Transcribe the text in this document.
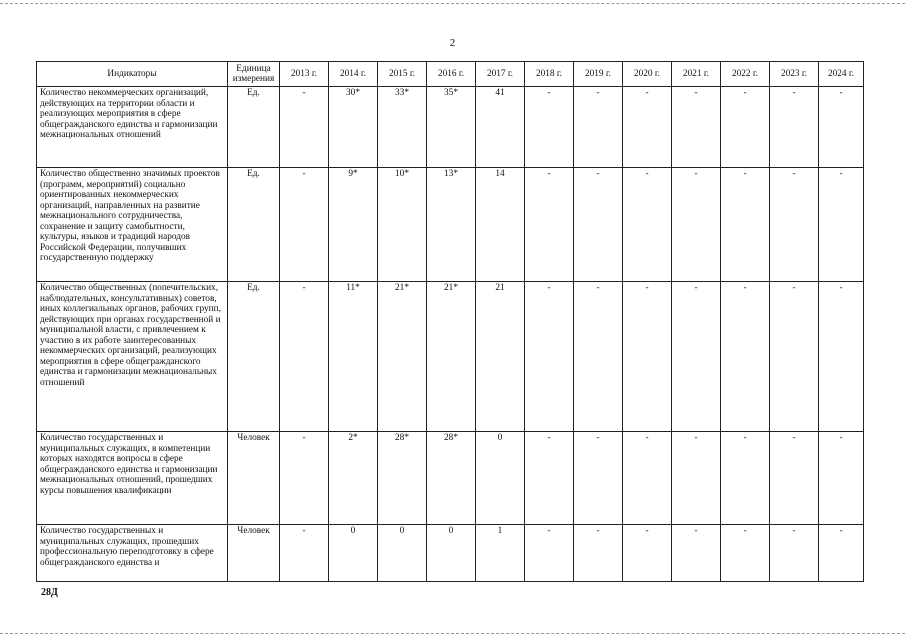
2
Индикаторы	Единица измерения	2013 г.	2014 г.	2015 г.	2016 г.	2017 г.	2018 г.	2019 г.	2020 г.	2021 г.	2022 г.	2023 г.	2024 г.
Количество некоммерческих организаций, действующих на территории области и реализующих мероприятия в сфере общегражданского единства и гармонизации межнациональных отношений	Ед.	-	30*	33*	35*	41	-	-	-	-	-	-	-
Количество общественно значимых проектов (программ, мероприятий) социально ориентированных некоммерческих организаций, направленных на развитие межнационального сотрудничества, сохранение и защиту самобытности, культуры, языков и традиций народов Российской Федерации, получивших государственную поддержку	Ед.	-	9*	10*	13*	14	-	-	-	-	-	-	-
Количество общественных (попечительских, наблюдательных, консультативных) советов, иных коллегиальных органов, рабочих групп, действующих при органах государственной и муниципальной власти, с привлечением к участию в их работе заинтересованных некоммерческих организаций, реализующих мероприятия в сфере общегражданского единства и гармонизации межнациональных отношений	Ед.	-	11*	21*	21*	21	-	-	-	-	-	-	-
Количество государственных и муниципальных служащих, в компетенции которых находятся вопросы в сфере общегражданского единства и гармонизации межнациональных отношений, прошедших курсы повышения квалификации	Человек	-	2*	28*	28*	0	-	-	-	-	-	-	-
Количество государственных и муниципальных служащих, прошедших профессиональную переподготовку в сфере общегражданского единства и	Человек	-	0	0	0	1	-	-	-	-	-	-	-
28Д
